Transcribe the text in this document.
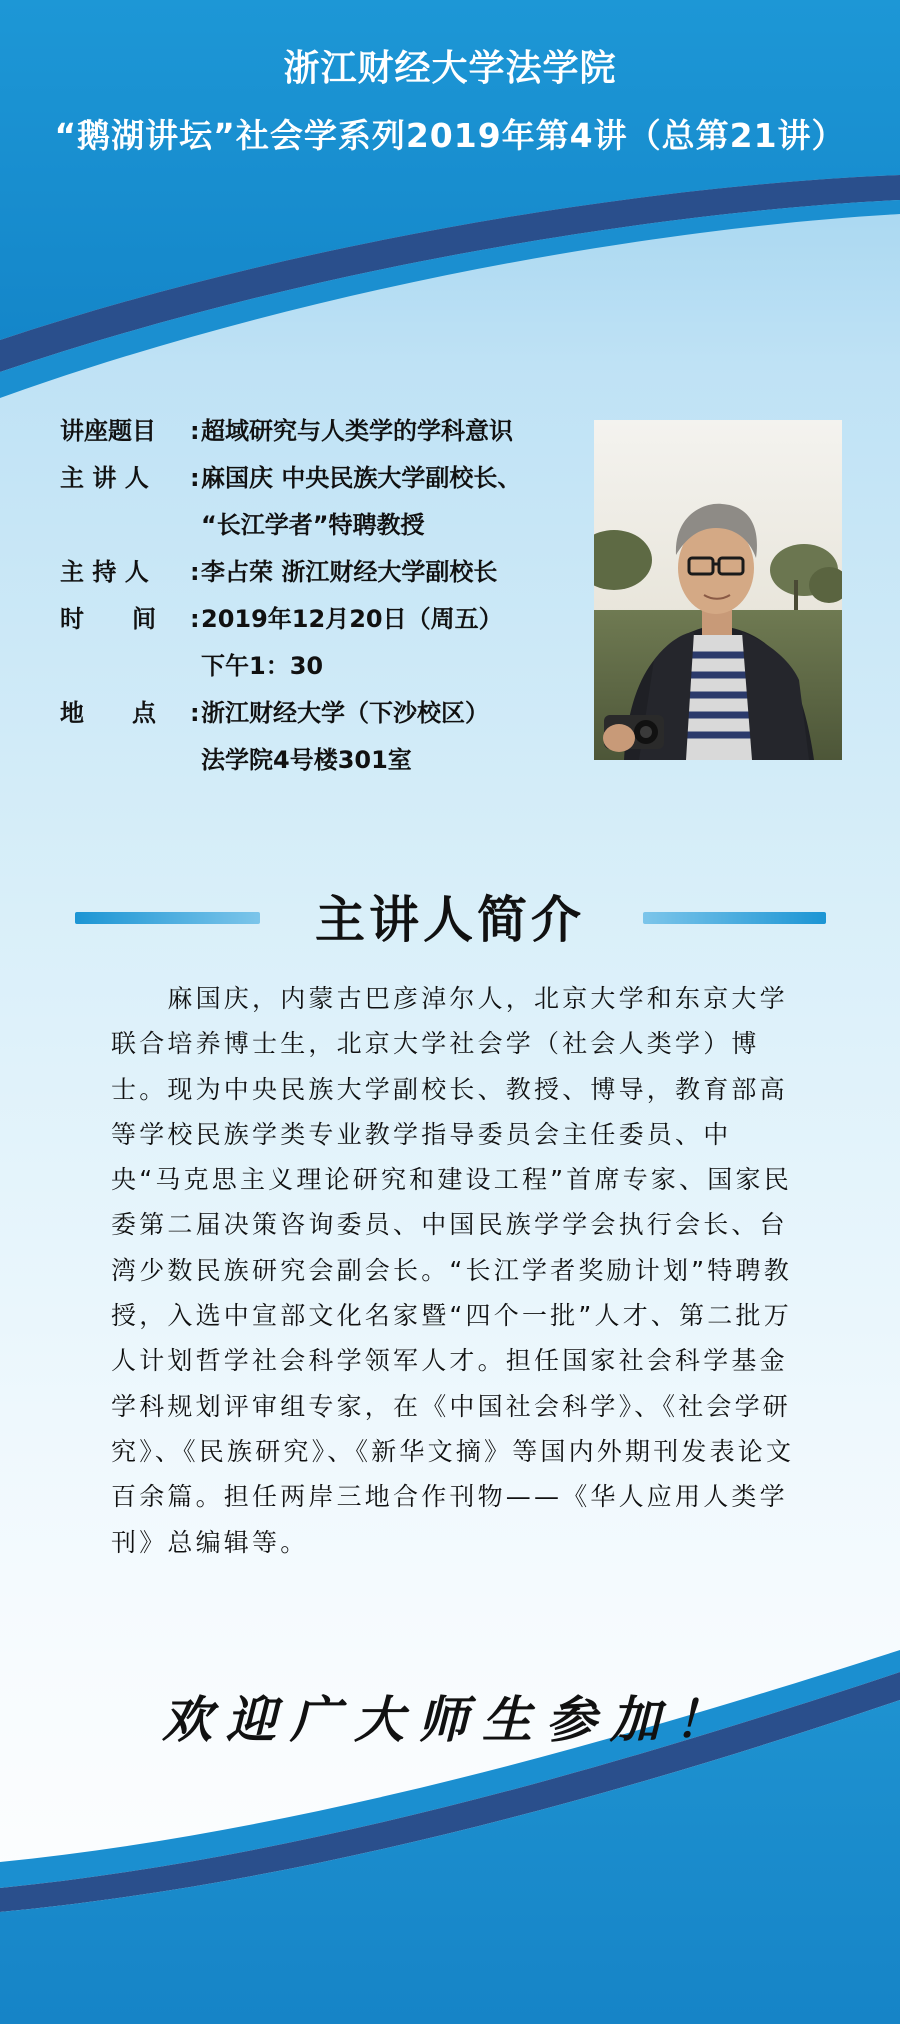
浙江财经大学法学院
“鹅湖讲坛”社会学系列2019年第4讲（总第21讲）
讲座题目	: 超域研究与人类学的学科意识
主 讲 人	: 麻国庆 中央民族大学副校长、
“长江学者”特聘教授
主 持 人	: 李占荣 浙江财经大学副校长
时　　间	: 2019年12月20日（周五）
下午1：30
地　　点	: 浙江财经大学（下沙校区）
法学院4号楼301室
主讲人简介

　　麻国庆，内蒙古巴彦淖尔人，北京大学和东京大学联合培养博士生，北京大学社会学（社会人类学）博士。现为中央民族大学副校长、教授、博导，教育部高等学校民族学类专业教学指导委员会主任委员、中央“马克思主义理论研究和建设工程”首席专家、国家民委第二届决策咨询委员、中国民族学学会执行会长、台湾少数民族研究会副会长。“长江学者奖励计划”特聘教授，入选中宣部文化名家暨“四个一批”人才、第二批万人计划哲学社会科学领军人才。担任国家社会科学基金学科规划评审组专家，在《中国社会科学》、《社会学研究》、《民族研究》、《新华文摘》等国内外期刊发表论文百余篇。担任两岸三地合作刊物——《华人应用人类学刊》总编辑等。

欢迎广大师生参加！
